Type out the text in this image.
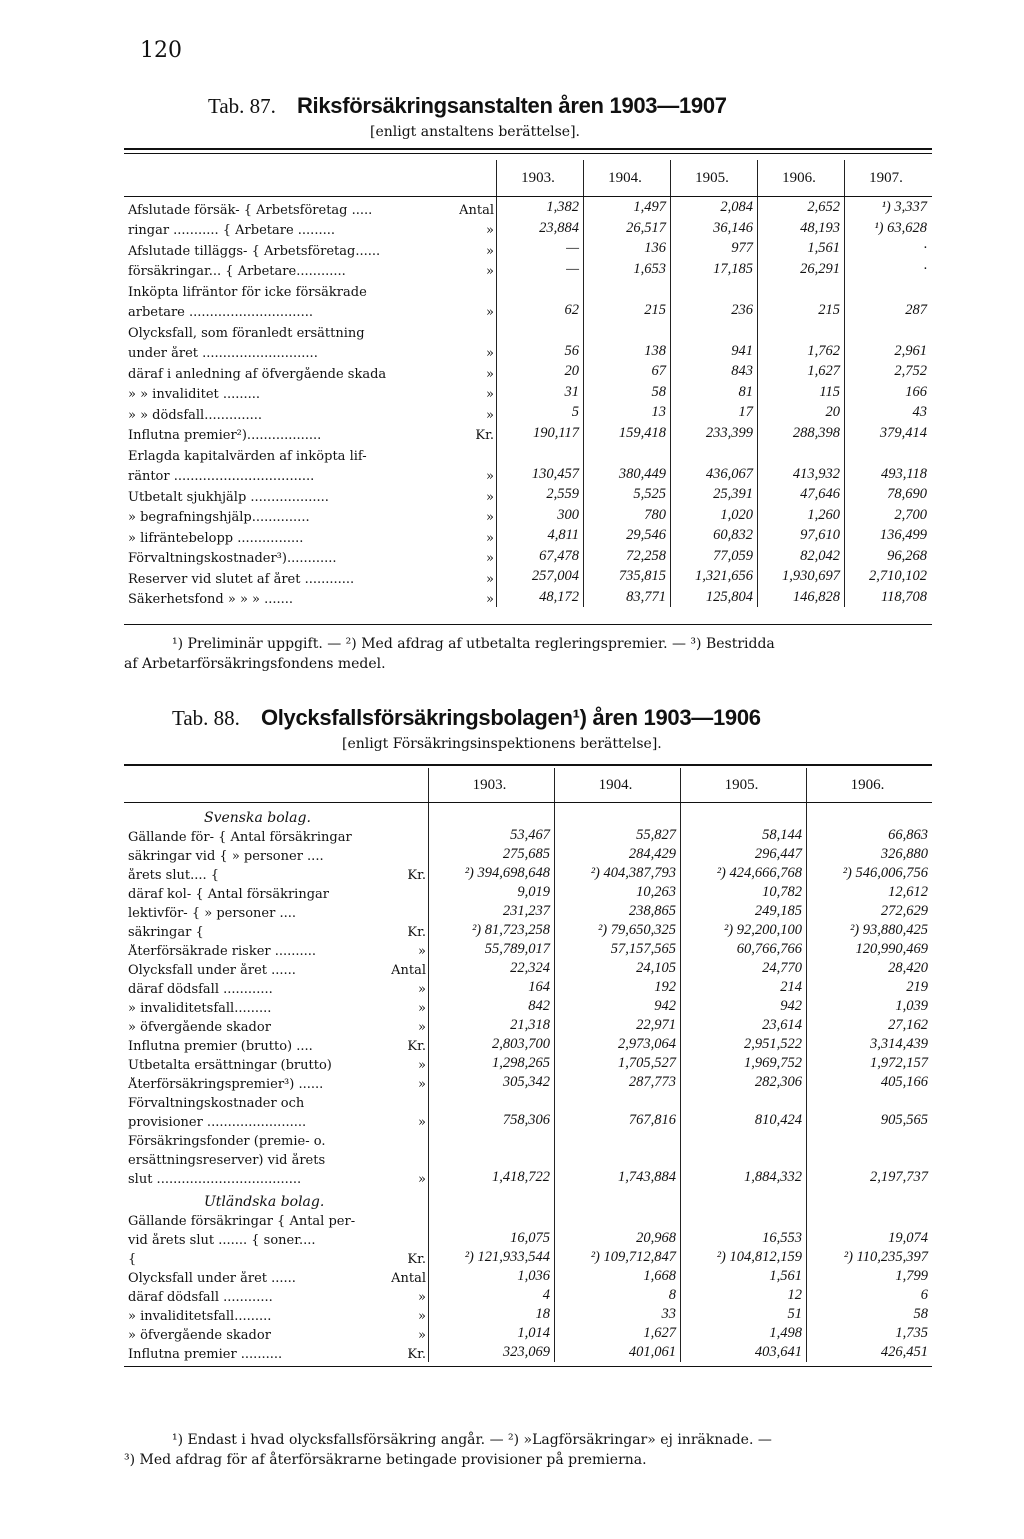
120
Tab. 87. Riksförsäkringsanstalten åren 1903—1907
[enligt anstaltens berättelse].
1903.	1904.	1905.	1906.	1907.
Afslutade försäk- { Arbetsföretag .....	Antal	1,382	1,497	2,084	2,652	¹) 3,337
ringar ........... { Arbetare .........	»	23,884	26,517	36,146	48,193	¹) 63,628
Afslutade tilläggs- { Arbetsföretag......	»	—	136	977	1,561	·
försäkringar... { Arbetare............	»	—	1,653	17,185	26,291	·
Inköpta lifräntor för icke försäkrade
arbetare ..............................	»	62	215	236	215	287
Olycksfall, som föranledt ersättning
under året ............................	»	56	138	941	1,762	2,961
däraf i anledning af öfvergående skada	»	20	67	843	1,627	2,752
» » invaliditet .........	»	31	58	81	115	166
» » dödsfall..............	»	5	13	17	20	43
Influtna premier²)..................	Kr.	190,117	159,418	233,399	288,398	379,414
Erlagda kapitalvärden af inköpta lif-
räntor ..................................	»	130,457	380,449	436,067	413,932	493,118
Utbetalt sjukhjälp ...................	»	2,559	5,525	25,391	47,646	78,690
» begrafningshjälp..............	»	300	780	1,020	1,260	2,700
» lifräntebelopp ................	»	4,811	29,546	60,832	97,610	136,499
Förvaltningskostnader³)............	»	67,478	72,258	77,059	82,042	96,268
Reserver vid slutet af året ............	»	257,004	735,815	1,321,656	1,930,697	2,710,102
Säkerhetsfond » » » .......	»	48,172	83,771	125,804	146,828	118,708
¹) Preliminär uppgift. — ²) Med afdrag af utbetalta regleringspremier. — ³) Bestridda
af Arbetarförsäkringsfondens medel.
Tab. 88. Olycksfallsförsäkringsbolagen¹) åren 1903—1906
[enligt Försäkringsinspektionens berättelse].
1903.	1904.	1905.	1906.
Svenska bolag.
Gällande för- { Antal försäkringar	53,467	55,827	58,144	66,863
säkringar vid { » personer ....	275,685	284,429	296,447	326,880
årets slut.... {	Kr.	²) 394,698,648	²) 404,387,793	²) 424,666,768	²) 546,006,756
däraf kol- { Antal försäkringar	9,019	10,263	10,782	12,612
lektivför- { » personer ....	231,237	238,865	249,185	272,629
säkringar {	Kr.	²) 81,723,258	²) 79,650,325	²) 92,200,100	²) 93,880,425
Återförsäkrade risker ..........	»	55,789,017	57,157,565	60,766,766	120,990,469
Olycksfall under året ......	Antal	22,324	24,105	24,770	28,420
däraf dödsfall ............	»	164	192	214	219
» invaliditetsfall.........	»	842	942	942	1,039
» öfvergående skador	»	21,318	22,971	23,614	27,162
Influtna premier (brutto) ....	Kr.	2,803,700	2,973,064	2,951,522	3,314,439
Utbetalta ersättningar (brutto)	»	1,298,265	1,705,527	1,969,752	1,972,157
Återförsäkringspremier³) ......	»	305,342	287,773	282,306	405,166
Förvaltningskostnader och
provisioner ........................	»	758,306	767,816	810,424	905,565
Försäkringsfonder (premie- o.
ersättningsreserver) vid årets
slut ...................................	»	1,418,722	1,743,884	1,884,332	2,197,737
Utländska bolag.
Gällande försäkringar { Antal per-
vid årets slut ....... { soner....	16,075	20,968	16,553	19,074
{	Kr.	²) 121,933,544	²) 109,712,847	²) 104,812,159	²) 110,235,397
Olycksfall under året ......	Antal	1,036	1,668	1,561	1,799
däraf dödsfall ............	»	4	8	12	6
» invaliditetsfall.........	»	18	33	51	58
» öfvergående skador	»	1,014	1,627	1,498	1,735
Influtna premier ..........	Kr.	323,069	401,061	403,641	426,451
¹) Endast i hvad olycksfallsförsäkring angår. — ²) »Lagförsäkringar» ej inräknade. —
³) Med afdrag för af återförsäkrarne betingade provisioner på premierna.
